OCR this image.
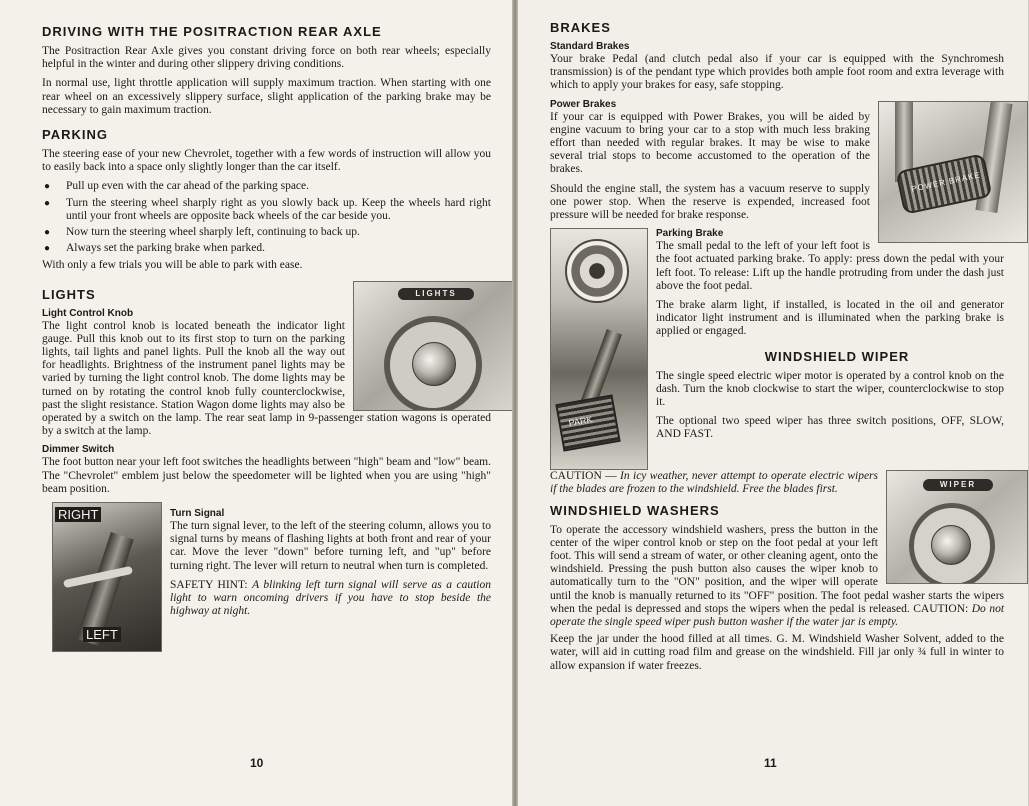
DRIVING WITH THE POSITRACTION REAR AXLE

The Positraction Rear Axle gives you constant driving force on both rear wheels; especially helpful in the winter and during other slippery driving conditions.

In normal use, light throttle application will supply maximum traction. When starting with one rear wheel on an excessively slippery surface, slight application of the parking brake may be necessary to gain maximum traction.

PARKING

The steering ease of your new Chevrolet, together with a few words of instruction will allow you to easily back into a space only slightly longer than the car itself.

● Pull up even with the car ahead of the parking space.
● Turn the steering wheel sharply right as you slowly back up. Keep the wheels hard right until your front wheels are opposite back wheels of the car beside you.
● Now turn the steering wheel sharply left, continuing to back up.
● Always set the parking brake when parked.

With only a few trials you will be able to park with ease.

LIGHTS
LIGHTS
Light Control Knob

The light control knob is located beneath the indicator light gauge. Pull this knob out to its first stop to turn on the parking lights, tail lights and panel lights. Pull the knob all the way out for headlights. Brightness of the instrument panel lights may be varied by turning the light control knob. The dome lights may be turned on by rotating the control knob fully counterclockwise, past the slight resistance. Station Wagon dome lights may also be operated by a switch on the lamp. The rear seat lamp in 9-passenger station wagons is operated by a switch at the lamp.

Dimmer Switch

The foot button near your left foot switches the headlights between "high" beam and "low" beam. The "Chevrolet" emblem just below the speedometer will be lighted when you are using "high" beam position.

RIGHT
LEFT
Turn Signal

The turn signal lever, to the left of the steering column, allows you to signal turns by means of flashing lights at both front and rear of your car. Move the lever "down" before turning left, and "up" before turning right. The lever will return to neutral when turn is completed.

SAFETY HINT: A blinking left turn signal will serve as a caution light to warn oncoming drivers if you have to stop beside the highway at night.

10
BRAKES
Standard Brakes

Your brake Pedal (and clutch pedal also if your car is equipped with the Synchromesh transmission) is of the pendant type which provides both ample foot room and extra leverage with which to apply your brakes for easy, safe stopping.

POWER BRAKE
Power Brakes

If your car is equipped with Power Brakes, you will be aided by engine vacuum to bring your car to a stop with much less braking effort than needed with regular brakes. It may be wise to make several trial stops to become accustomed to the operation of the brakes.

Should the engine stall, the system has a vacuum reserve to supply one power stop. When the reserve is expended, increased foot pressure will be needed for brake response.

PARK
Parking Brake

The small pedal to the left of your left foot is the foot actuated parking brake. To apply: press down the pedal with your left foot. To release: Lift up the handle protruding from under the dash just above the foot pedal.

The brake alarm light, if installed, is located in the oil and generator indicator light instrument and is illuminated when the parking brake is applied or engaged.

WINDSHIELD WIPER

The single speed electric wiper motor is operated by a control knob on the dash. Turn the knob clockwise to start the wiper, counterclockwise to stop it.

The optional two speed wiper has three switch positions, OFF, SLOW, AND FAST.

WIPER

CAUTION — In icy weather, never attempt to operate electric wipers if the blades are frozen to the windshield. Free the blades first.

WINDSHIELD WASHERS

To operate the accessory windshield washers, press the button in the center of the wiper control knob or step on the foot pedal at your left foot. This will send a stream of water, or other cleaning agent, onto the windshield. Pressing the push button also causes the wiper knob to automatically turn to the "ON" position, and the wiper will operate until the knob is manually returned to its "OFF" position. The foot pedal washer starts the wipers when the pedal is depressed and stops the wipers when the pedal is released. CAUTION: Do not operate the single speed wiper push button washer if the water jar is empty.

Keep the jar under the hood filled at all times. G. M. Windshield Washer Solvent, added to the water, will aid in cutting road film and grease on the windshield. Fill jar only ¾ full in winter to allow expansion if water freezes.

11
